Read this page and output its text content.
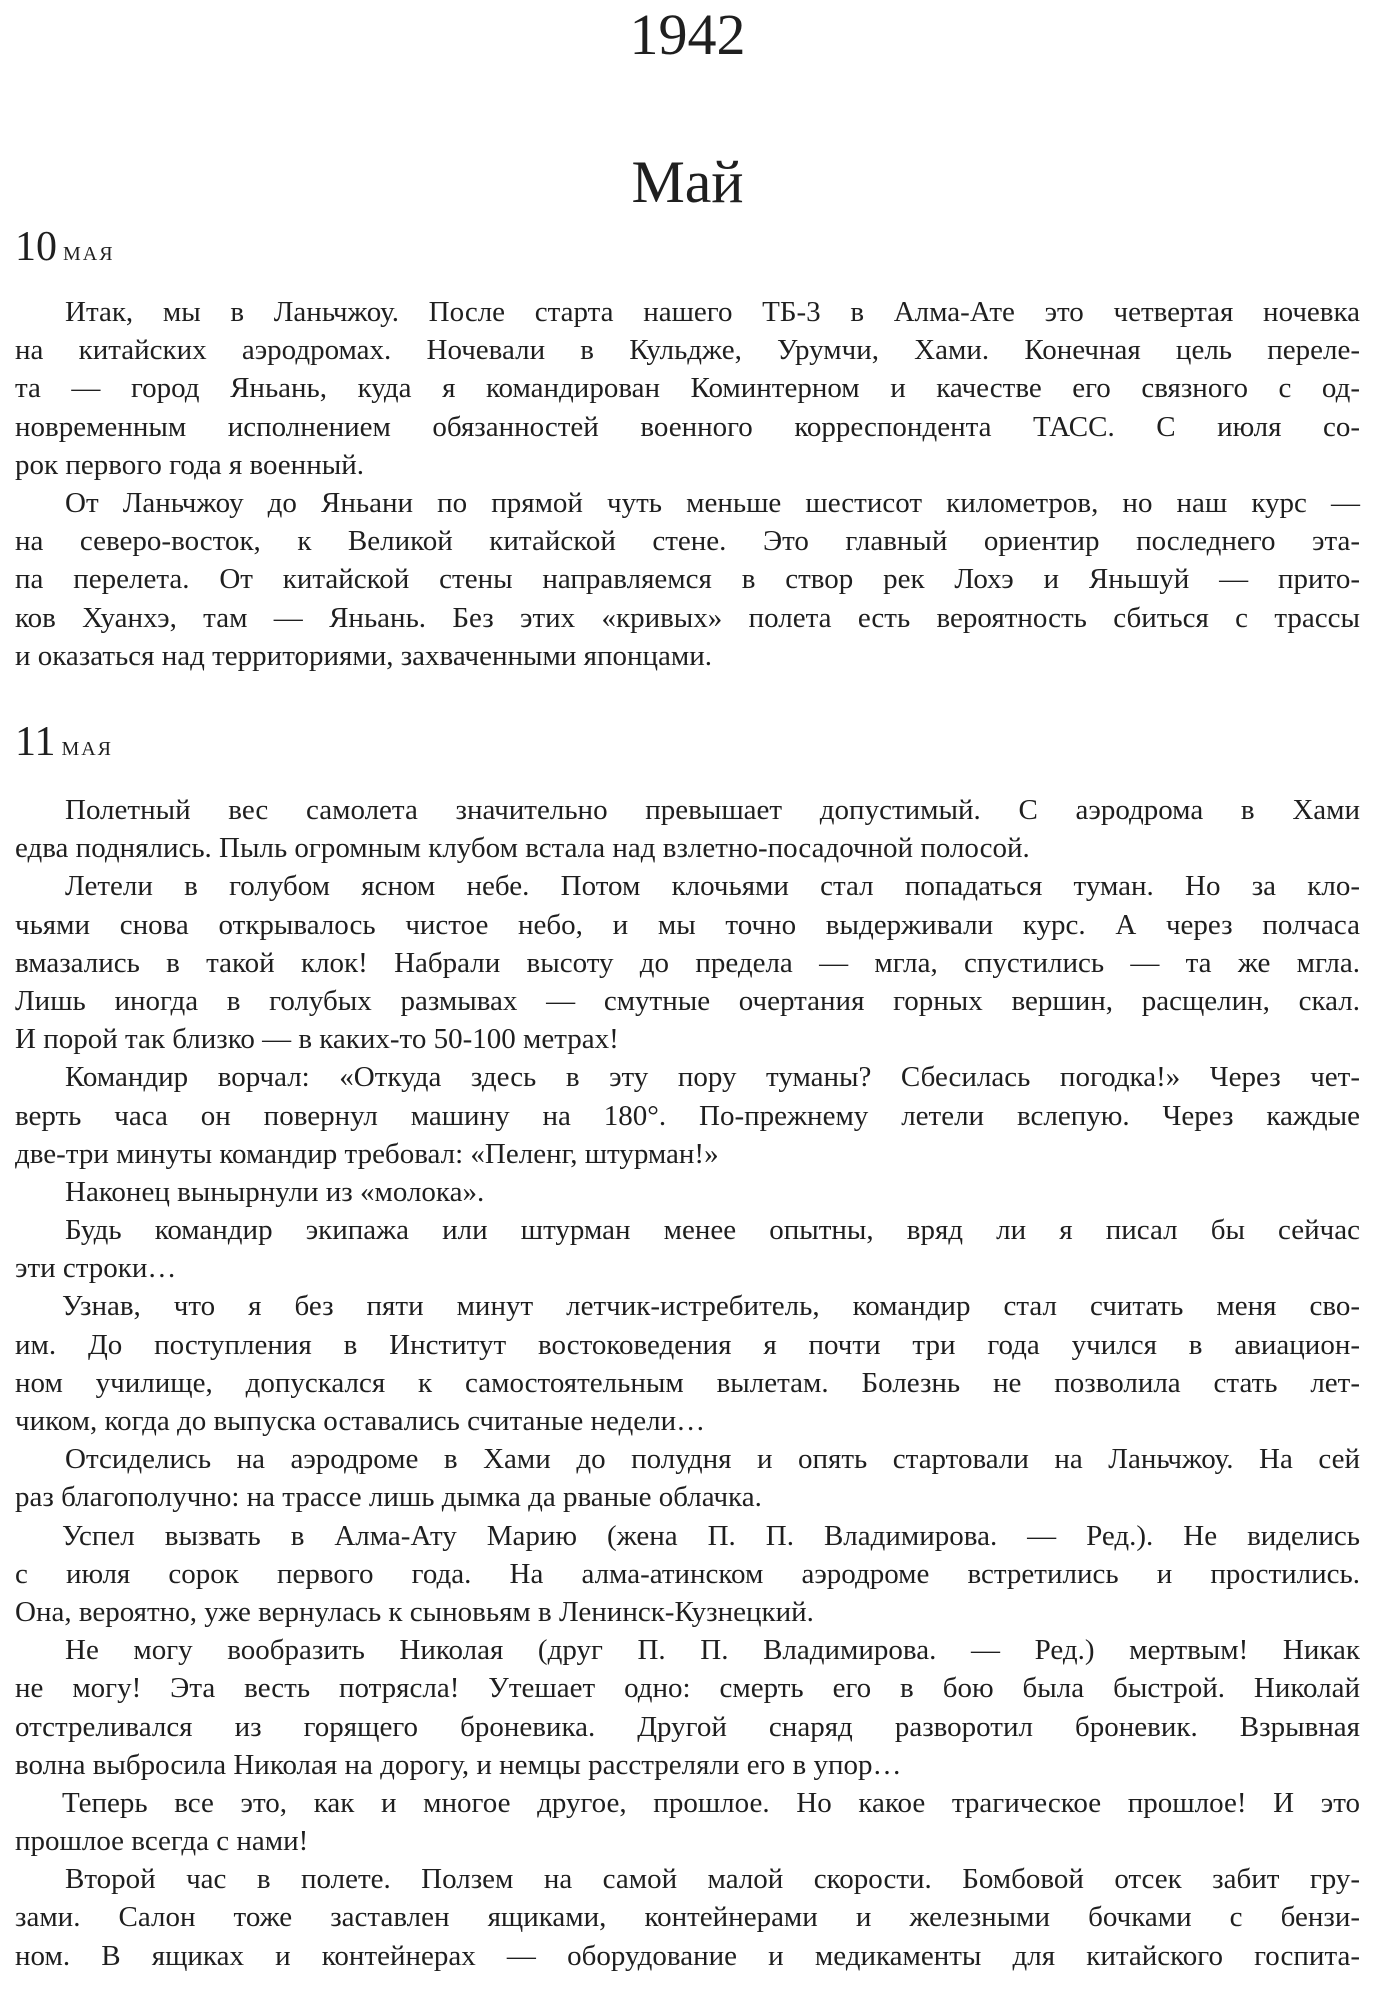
1942
Май
10 мая
Итак, мы в Ланьчжоу. После старта нашего ТБ-3 в Алма-Ате это четвертая ночевка
на китайских аэродромах. Ночевали в Кульдже, Урумчи, Хами. Конечная цель переле-
та — город Яньань, куда я командирован Коминтерном и качестве его связного с од-
новременным исполнением обязанностей военного корреспондента ТАСС. С июля со-
рок первого года я военный.
От Ланьчжоу до Яньани по прямой чуть меньше шестисот километров, но наш курс —
на северо-восток, к Великой китайской стене. Это главный ориентир последнего эта-
па перелета. От китайской стены направляемся в створ рек Лохэ и Яньшуй — прито-
ков Хуанхэ, там — Яньань. Без этих «кривых» полета есть вероятность сбиться с трассы
и оказаться над территориями, захваченными японцами.
11 мая
Полетный вес самолета значительно превышает допустимый. С аэродрома в Хами
едва поднялись. Пыль огромным клубом встала над взлетно-посадочной полосой.
Летели в голубом ясном небе. Потом клочьями стал попадаться туман. Но за кло-
чьями снова открывалось чистое небо, и мы точно выдерживали курс. А через полчаса
вмазались в такой клок! Набрали высоту до предела — мгла, спустились — та же мгла.
Лишь иногда в голубых размывах — смутные очертания горных вершин, расщелин, скал.
И порой так близко — в каких-то 50-100 метрах!
Командир ворчал: «Откуда здесь в эту пору туманы? Сбесилась погодка!» Через чет-
верть часа он повернул машину на 180°. По-прежнему летели вслепую. Через каждые
две-три минуты командир требовал: «Пеленг, штурман!»
Наконец вынырнули из «молока».
Будь командир экипажа или штурман менее опытны, вряд ли я писал бы сейчас
эти строки…
Узнав, что я без пяти минут летчик-истребитель, командир стал считать меня сво-
им. До поступления в Институт востоковедения я почти три года учился в авиацион-
ном училище, допускался к самостоятельным вылетам. Болезнь не позволила стать лет-
чиком, когда до выпуска оставались считаные недели…
Отсиделись на аэродроме в Хами до полудня и опять стартовали на Ланьчжоу. На сей
раз благополучно: на трассе лишь дымка да рваные облачка.
Успел вызвать в Алма-Ату Марию (жена П. П. Владимирова. — Ред.). Не виделись
с июля сорок первого года. На алма-атинском аэродроме встретились и простились.
Она, вероятно, уже вернулась к сыновьям в Ленинск-Кузнецкий.
Не могу вообразить Николая (друг П. П. Владимирова. — Ред.) мертвым! Никак
не могу! Эта весть потрясла! Утешает одно: смерть его в бою была быстрой. Николай
отстреливался из горящего броневика. Другой снаряд разворотил броневик. Взрывная
волна выбросила Николая на дорогу, и немцы расстреляли его в упор…
Теперь все это, как и многое другое, прошлое. Но какое трагическое прошлое! И это
прошлое всегда с нами!
Второй час в полете. Ползем на самой малой скорости. Бомбовой отсек забит гру-
зами. Салон тоже заставлен ящиками, контейнерами и железными бочками с бензи-
ном. В ящиках и контейнерах — оборудование и медикаменты для китайского госпита-
